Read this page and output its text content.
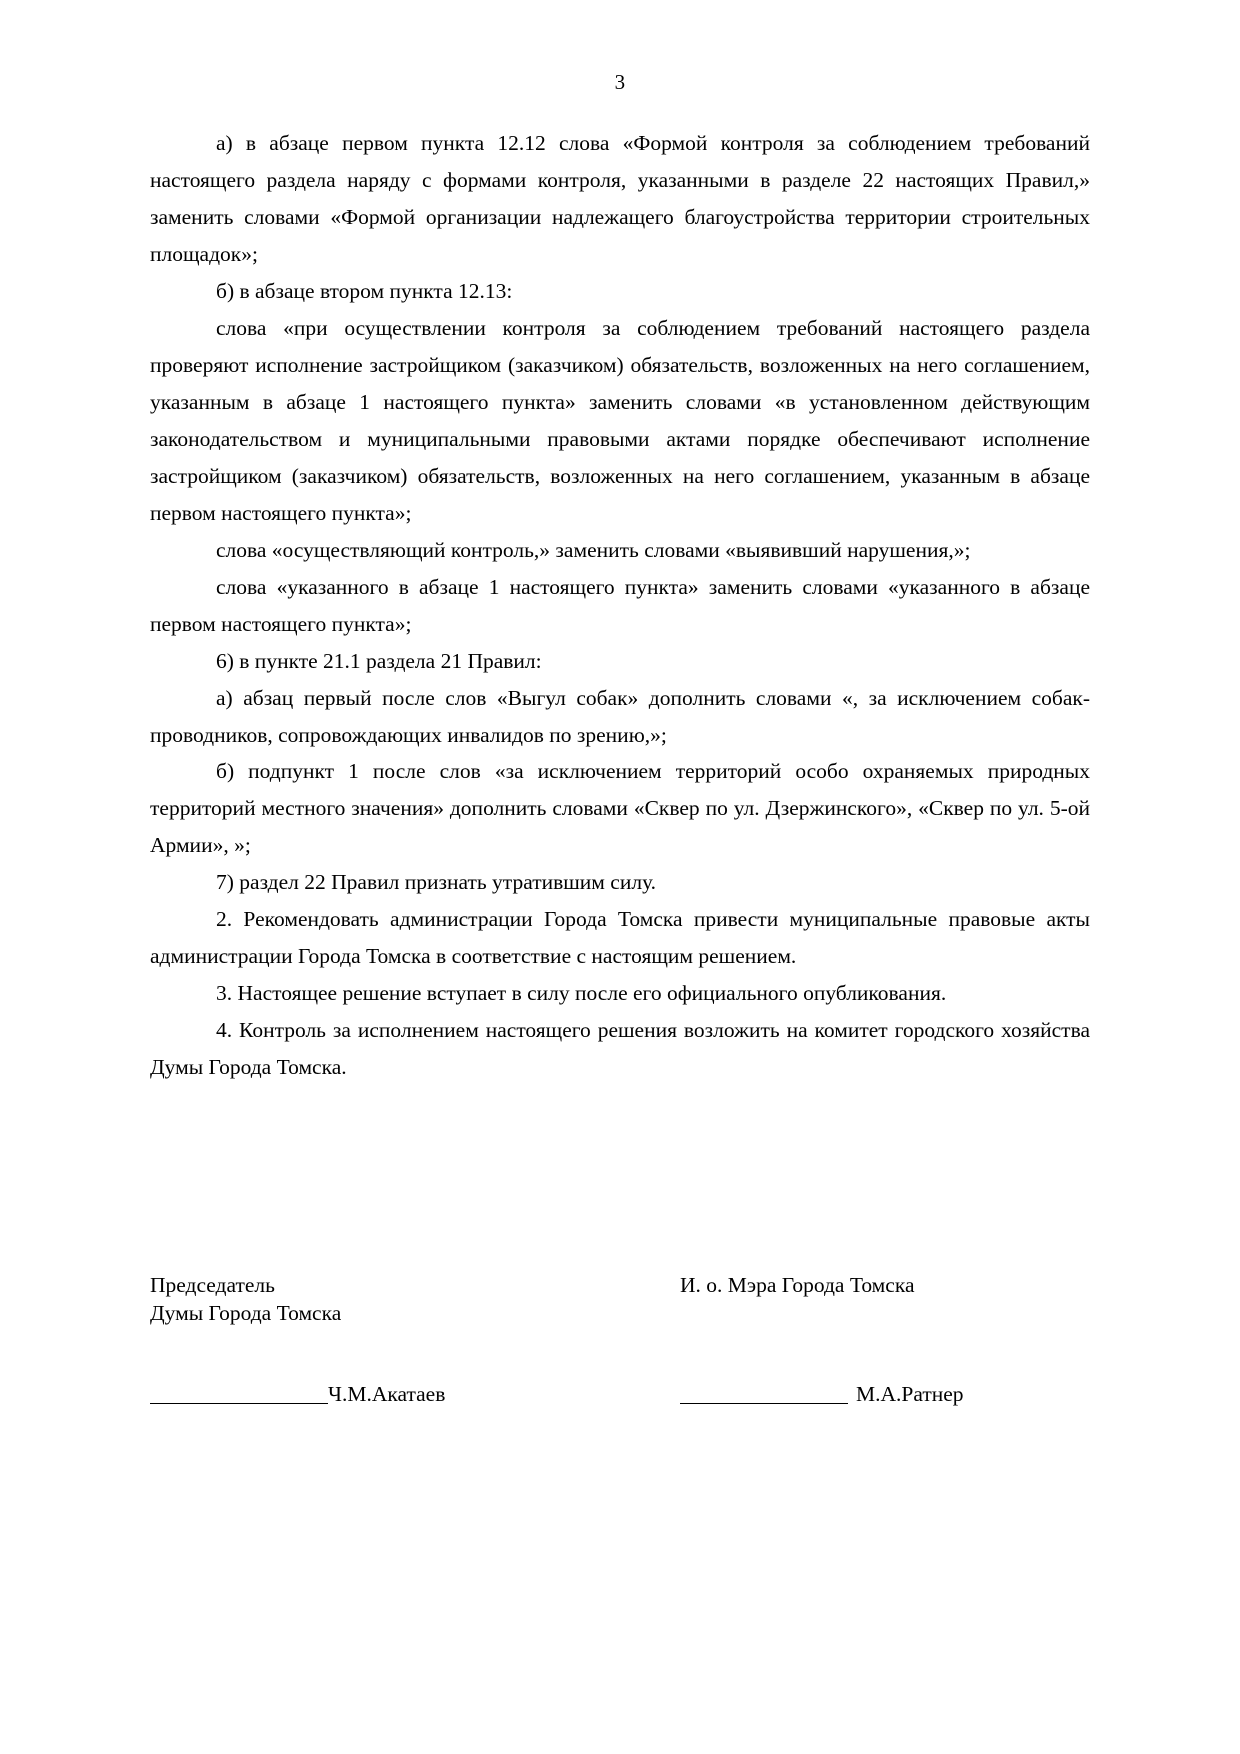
3

а) в абзаце первом пункта 12.12 слова «Формой контроля за соблюдением требований настоящего раздела наряду с формами контроля, указанными в разделе 22 настоящих Правил,» заменить словами «Формой организации надлежащего благоустройства территории строительных площадок»;

б) в абзаце втором пункта 12.13:

слова «при осуществлении контроля за соблюдением требований настоящего раздела проверяют исполнение застройщиком (заказчиком) обязательств, возложенных на него соглашением, указанным в абзаце 1 настоящего пункта» заменить словами «в установленном действующим законодательством и муниципальными правовыми актами порядке обеспечивают исполнение застройщиком (заказчиком) обязательств, возложенных на него соглашением, указанным в абзаце первом настоящего пункта»;

слова «осуществляющий контроль,» заменить словами «выявивший нарушения,»;

слова «указанного в абзаце 1 настоящего пункта» заменить словами «указанного в абзаце первом настоящего пункта»;

6) в пункте 21.1 раздела 21 Правил:

а) абзац первый после слов «Выгул собак» дополнить словами «, за исключением собак-проводников, сопровождающих инвалидов по зрению,»;

б) подпункт 1 после слов «за исключением территорий особо охраняемых природных территорий местного значения» дополнить словами «Сквер по ул. Дзержинского», «Сквер по ул. 5-ой Армии», »;

7) раздел 22 Правил признать утратившим силу.

2. Рекомендовать администрации Города Томска привести муниципальные правовые акты администрации Города Томска в соответствие с настоящим решением.

3. Настоящее решение вступает в силу после его официального опубликования.

4. Контроль за исполнением настоящего решения возложить на комитет городского хозяйства Думы Города Томска.

Председатель
Думы Города Томска
И. о. Мэра Города Томска
Ч.М.Акатаев	М.А.Ратнер
